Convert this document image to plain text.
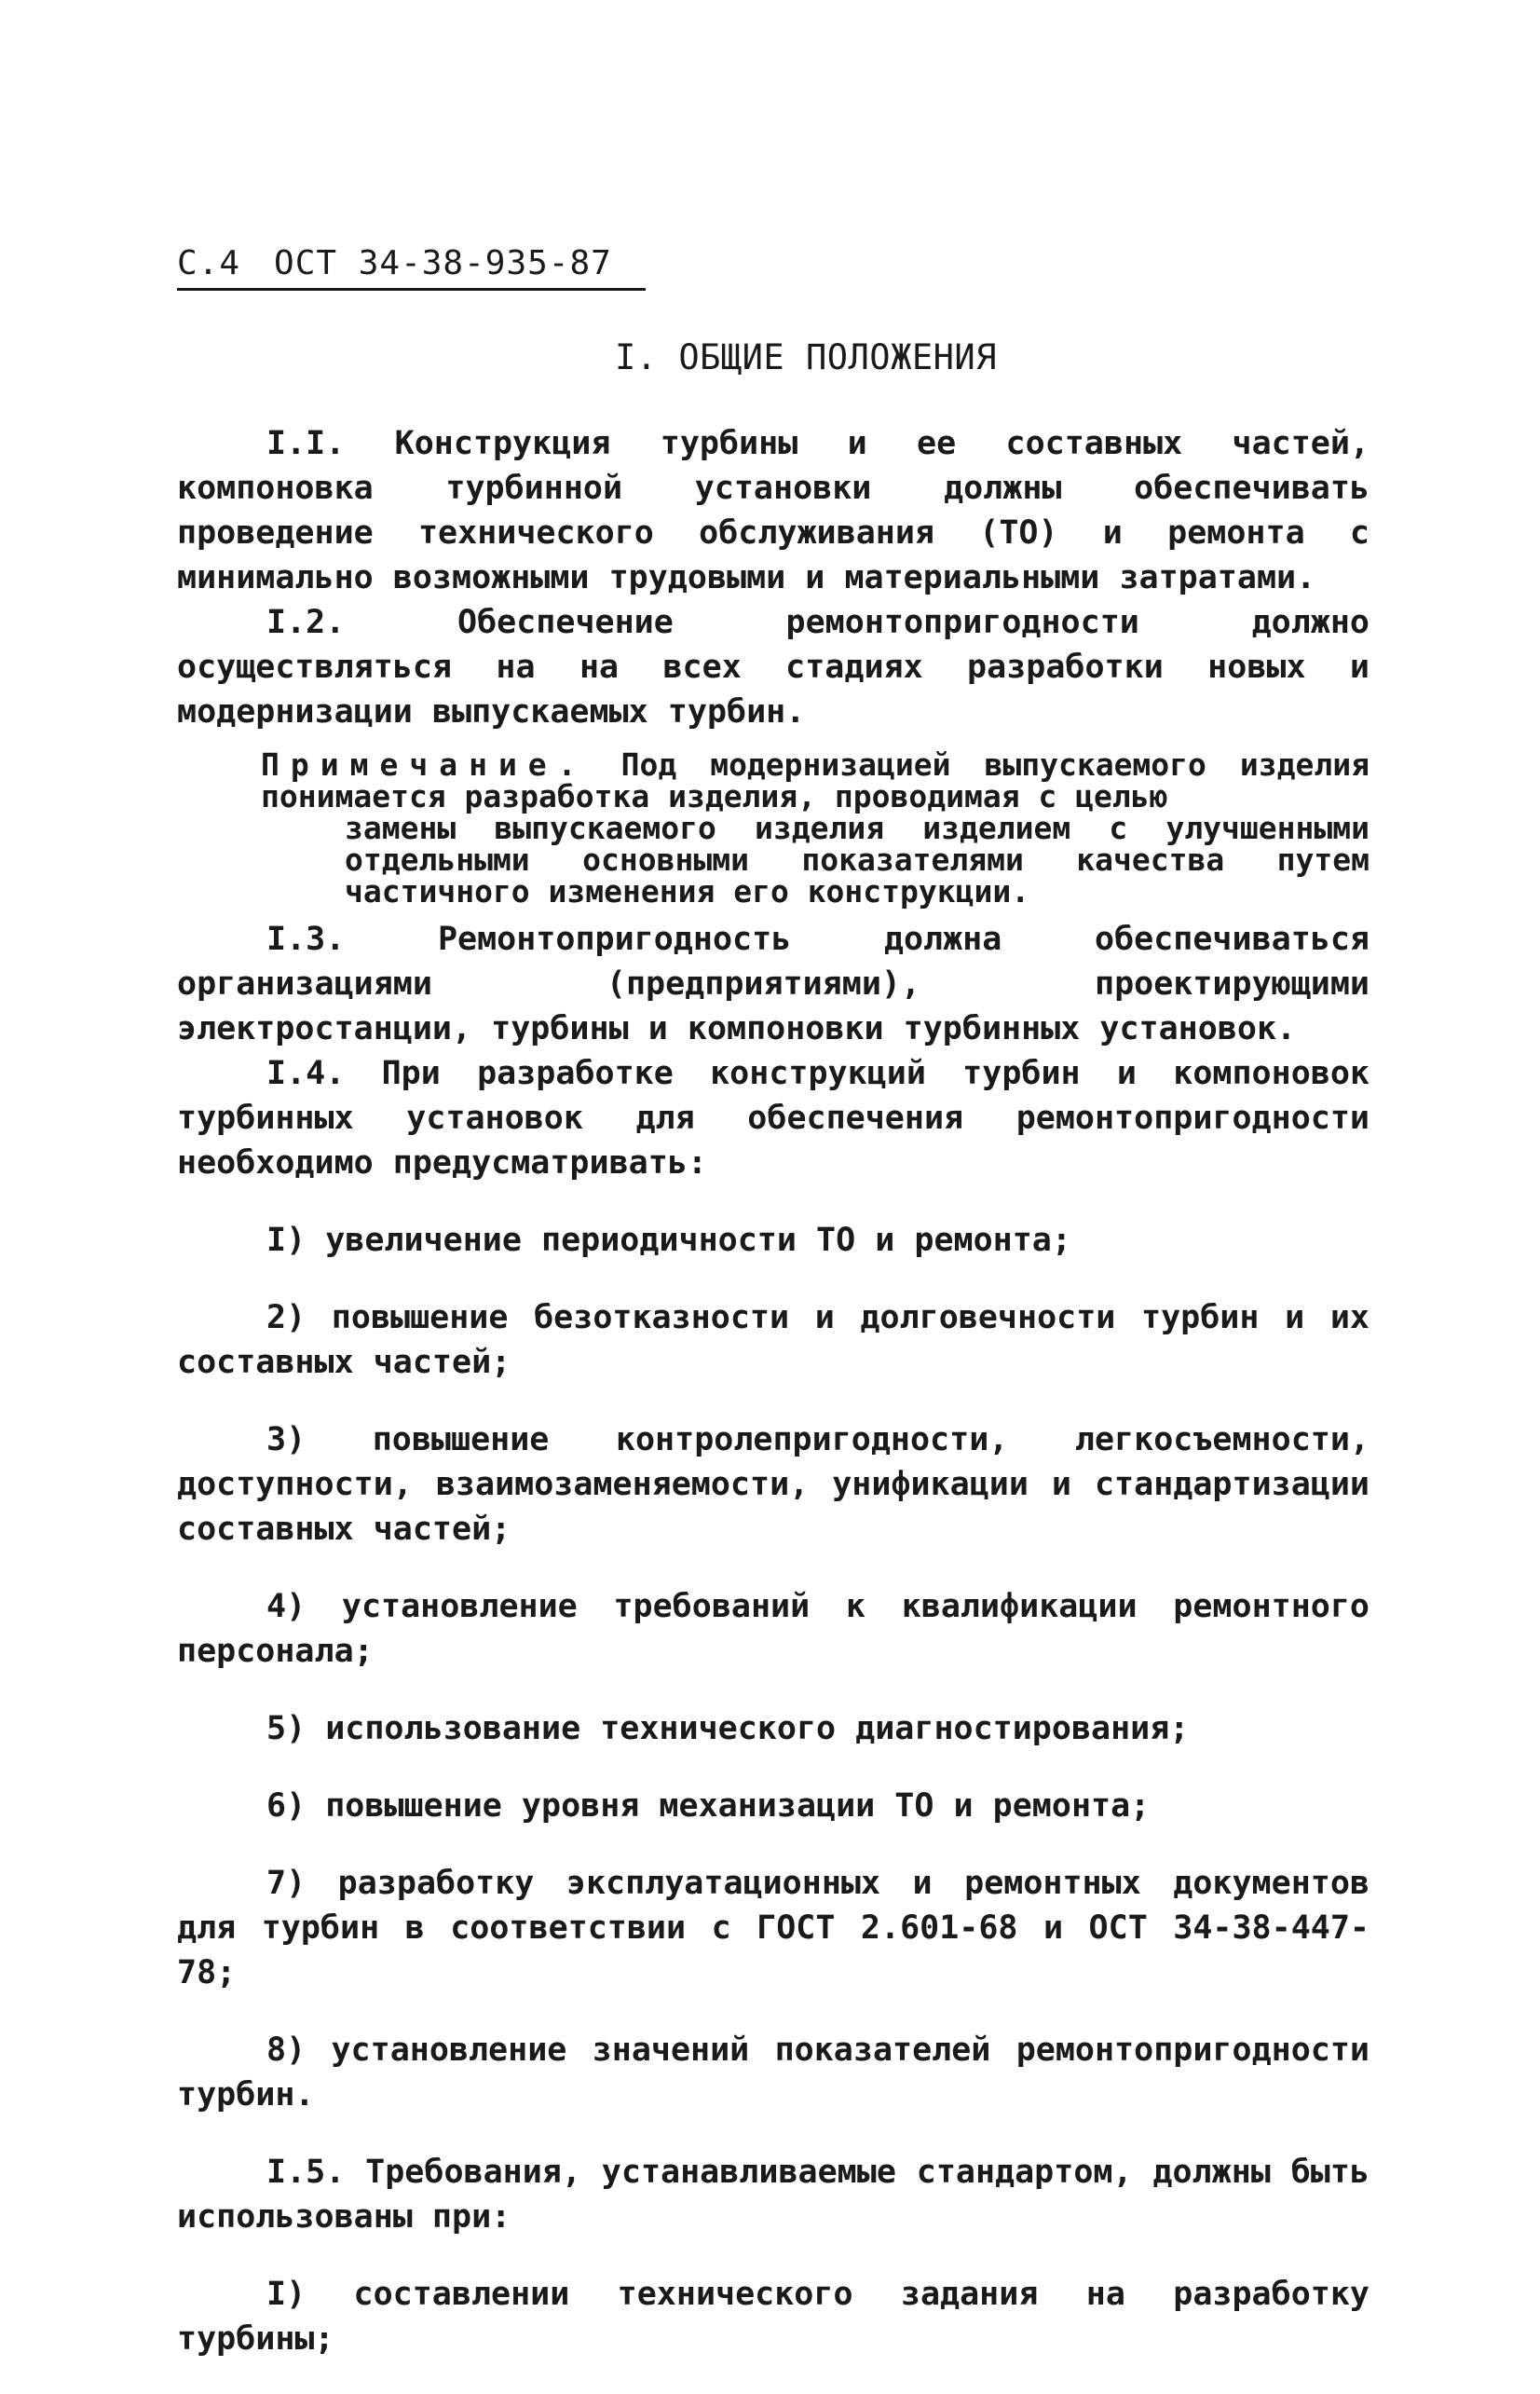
С.4 ОСТ 34-38-935-87
I. ОБЩИЕ ПОЛОЖЕНИЯ

I.I. Конструкция турбины и ее составных частей, компоновка турбинной установки должны обеспечивать проведение технического обслуживания (ТО) и ремонта с минимально возможными трудовыми и материальными затратами.

I.2. Обеспечение ремонтопригодности должно осуществляться на на всех стадиях разработки новых и модернизации выпускаемых турбин.

Примечание. Под модернизацией выпускаемого изделия понимается разработка изделия, проводимая с целью
замены выпускаемого изделия изделием с улучшенными отдельными основными показателями качества путем частичного изменения его конструкции.

I.3. Ремонтопригодность должна обеспечиваться организациями (предприятиями), проектирующими электростанции, турбины и компоновки турбинных установок.

I.4. При разработке конструкций турбин и компоновок турбинных установок для обеспечения ремонтопригодности необходимо предусматривать:

I) увеличение периодичности ТО и ремонта;

2) повышение безотказности и долговечности турбин и их составных частей;

3) повышение контролепригодности, легкосъемности, доступности, взаимозаменяемости, унификации и стандартизации составных частей;

4) установление требований к квалификации ремонтного персонала;

5) использование технического диагностирования;

6) повышение уровня механизации ТО и ремонта;

7) разработку эксплуатационных и ремонтных документов для турбин в соответствии с ГОСТ 2.601-68 и ОСТ 34-38-447-78;

8) установление значений показателей ремонтопригодности турбин.

I.5. Требования, устанавливаемые стандартом, должны быть использованы при:

I) составлении технического задания на разработку турбины;
